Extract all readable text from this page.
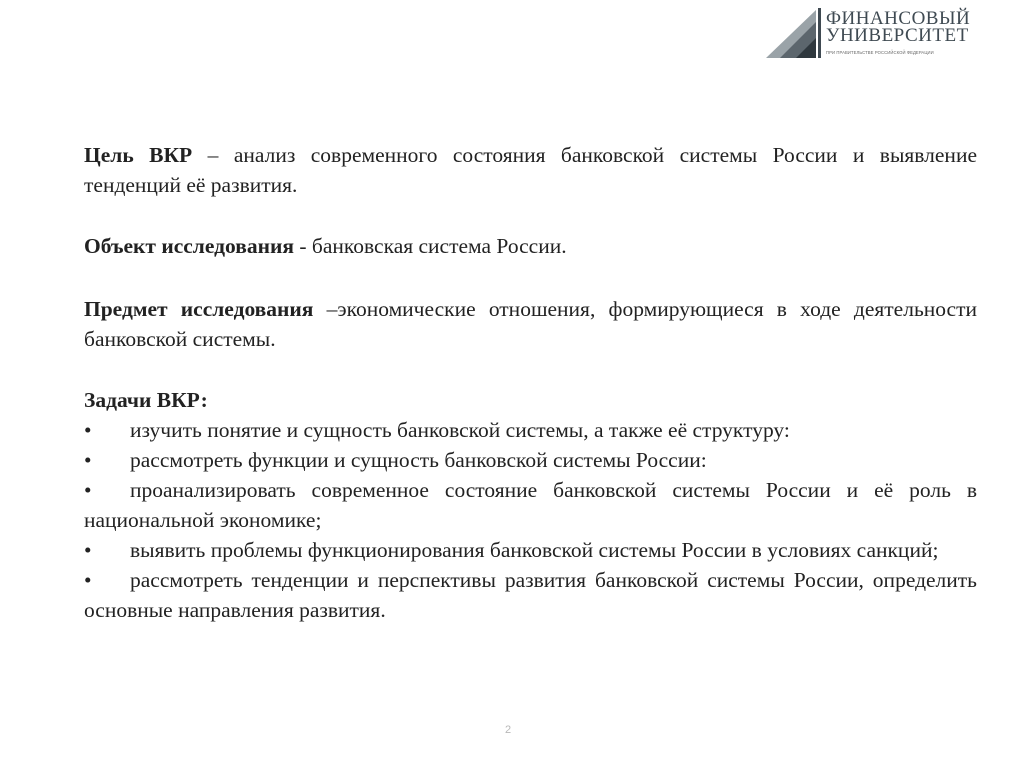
ФИНАНСОВЫЙ
УНИВЕРСИТЕТ
ПРИ ПРАВИТЕЛЬСТВЕ РОССИЙСКОЙ ФЕДЕРАЦИИ

Цель ВКР – анализ современного состояния банковской системы России и выявление тенденций её развития.

Объект исследования - банковская система России.

Предмет исследования –экономические отношения, формирующиеся в ходе деятельности банковской системы.

Задачи ВКР:

• изучить понятие и сущность банковской системы, а также её структуру:

• рассмотреть функции и сущность банковской системы России:

• проанализировать современное состояние банковской системы России и её роль в национальной экономике;

• выявить проблемы функционирования банковской системы России в условиях санкций;

• рассмотреть тенденции и перспективы развития банковской системы России, определить основные направления развития.

2
